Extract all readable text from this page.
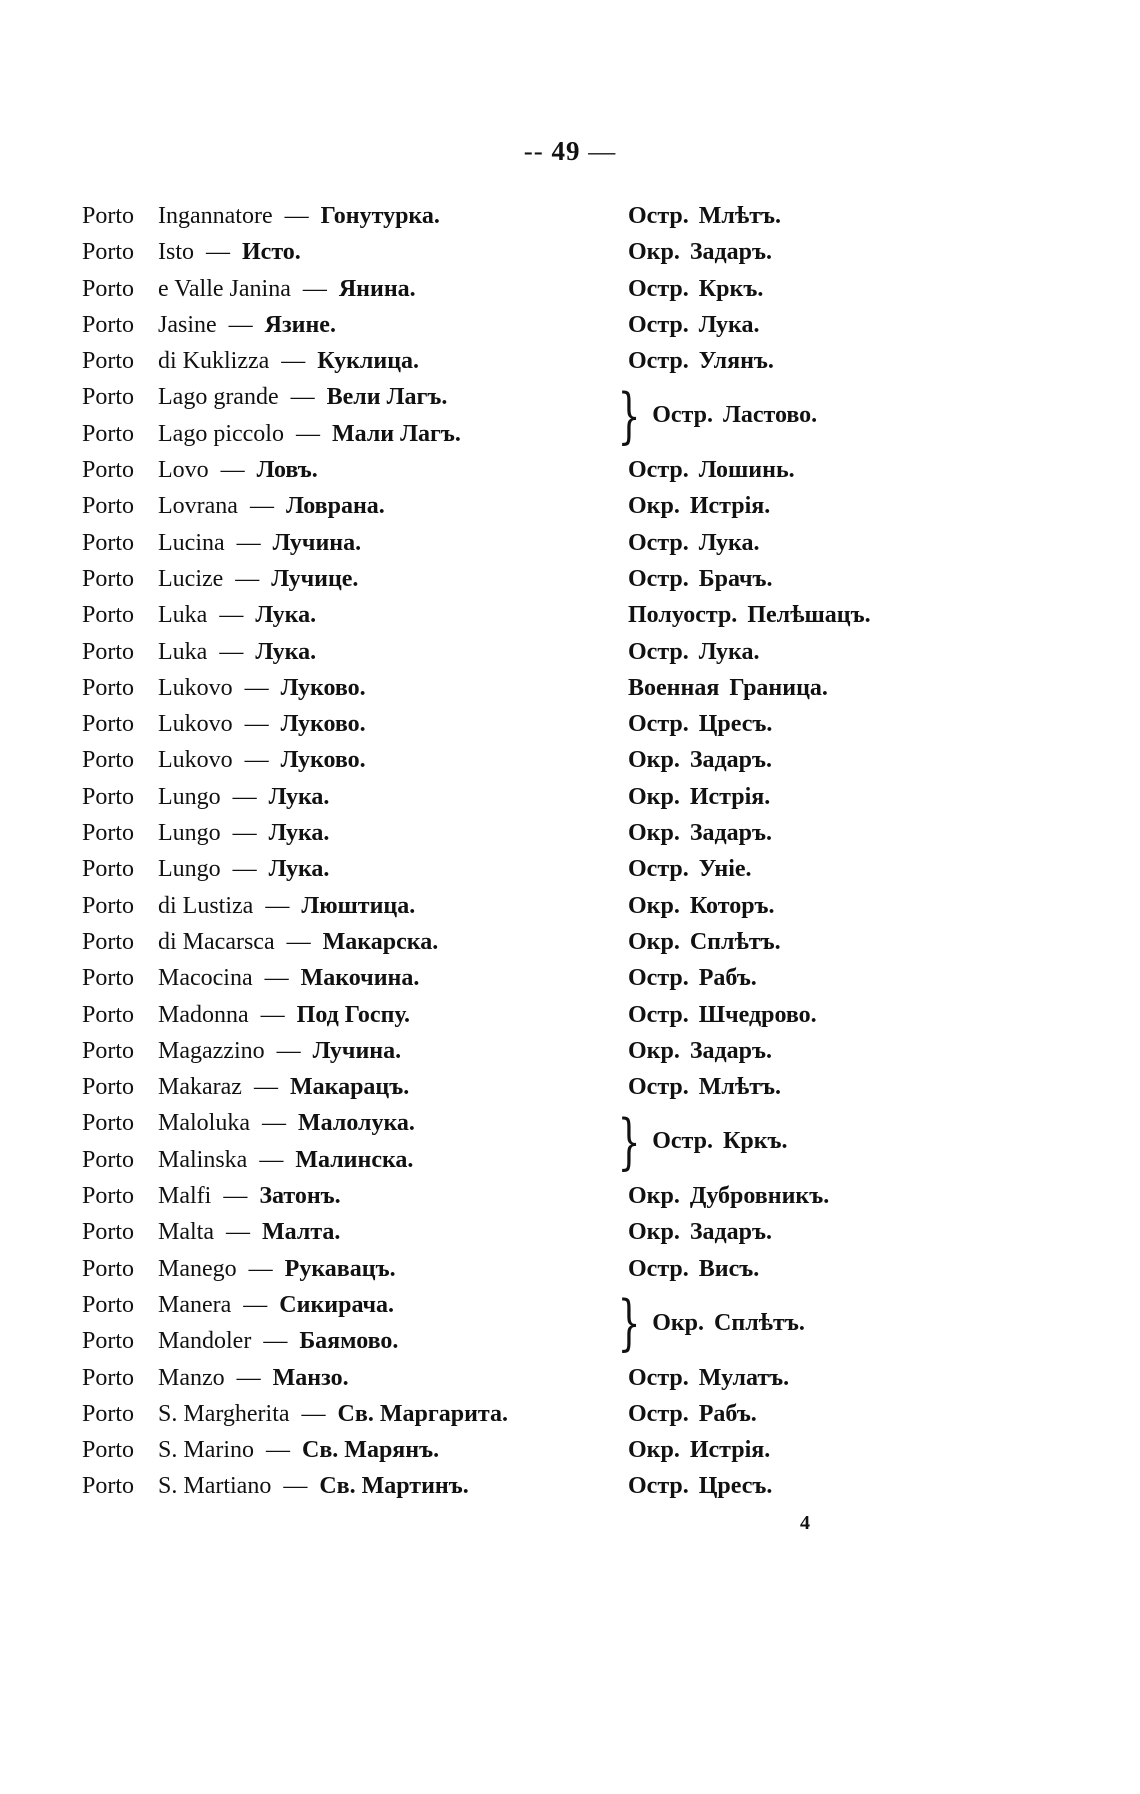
-- 49 —
Porto Ingannatore — Гонутурка.	Остр. Млѣтъ.
Porto Isto — Исто.	Окр. Задаръ.
Porto e Valle Janina — Янина.	Остр. Кркъ.
Porto Jasine — Язине.	Остр. Лука.
Porto di Kuklizza — Куклица.	Остр. Улянъ.
Porto Lago grande — Вели Лагъ.	} Остр. Ластово.
Porto Lago piccolo — Мали Лагъ.
Porto Lovo — Ловъ.	Остр. Лошинь.
Porto Lovrana — Ловрана.	Окр. Истрія.
Porto Lucina — Лучина.	Остр. Лука.
Porto Lucize — Лучице.	Остр. Брачъ.
Porto Luka — Лука.	Полуостр. Пелѣшацъ.
Porto Luka — Лука.	Остр. Лука.
Porto Lukovo — Луково.	Военная Граница.
Porto Lukovo — Луково.	Остр. Цресъ.
Porto Lukovo — Луково.	Окр. Задаръ.
Porto Lungo — Лука.	Окр. Истрія.
Porto Lungo — Лука.	Окр. Задаръ.
Porto Lungo — Лука.	Остр. Уніе.
Porto di Lustiza — Люштица.	Окр. Которъ.
Porto di Macarsca — Макарска.	Окр. Сплѣтъ.
Porto Macocina — Макочина.	Остр. Рабъ.
Porto Madonna — Под Госпу.	Остр. Шчедрово.
Porto Magazzino — Лучина.	Окр. Задаръ.
Porto Makaraz — Макарацъ.	Остр. Млѣтъ.
Porto Maloluka — Малолука.	} Остр. Кркъ.
Porto Malinska — Малинска.
Porto Malfi — Затонъ.	Окр. Дубровникъ.
Porto Malta — Малта.	Окр. Задаръ.
Porto Manego — Рукавацъ.	Остр. Висъ.
Porto Manera — Сикирача.	} Окр. Сплѣтъ.
Porto Mandoler — Баямово.
Porto Manzo — Манзо.	Остр. Мулатъ.
Porto S. Margherita — Св. Маргарита.	Остр. Рабъ.
Porto S. Marino — Св. Марянъ.	Окр. Истрія.
Porto S. Martiano — Св. Мартинъ.	Остр. Цресъ.
4
